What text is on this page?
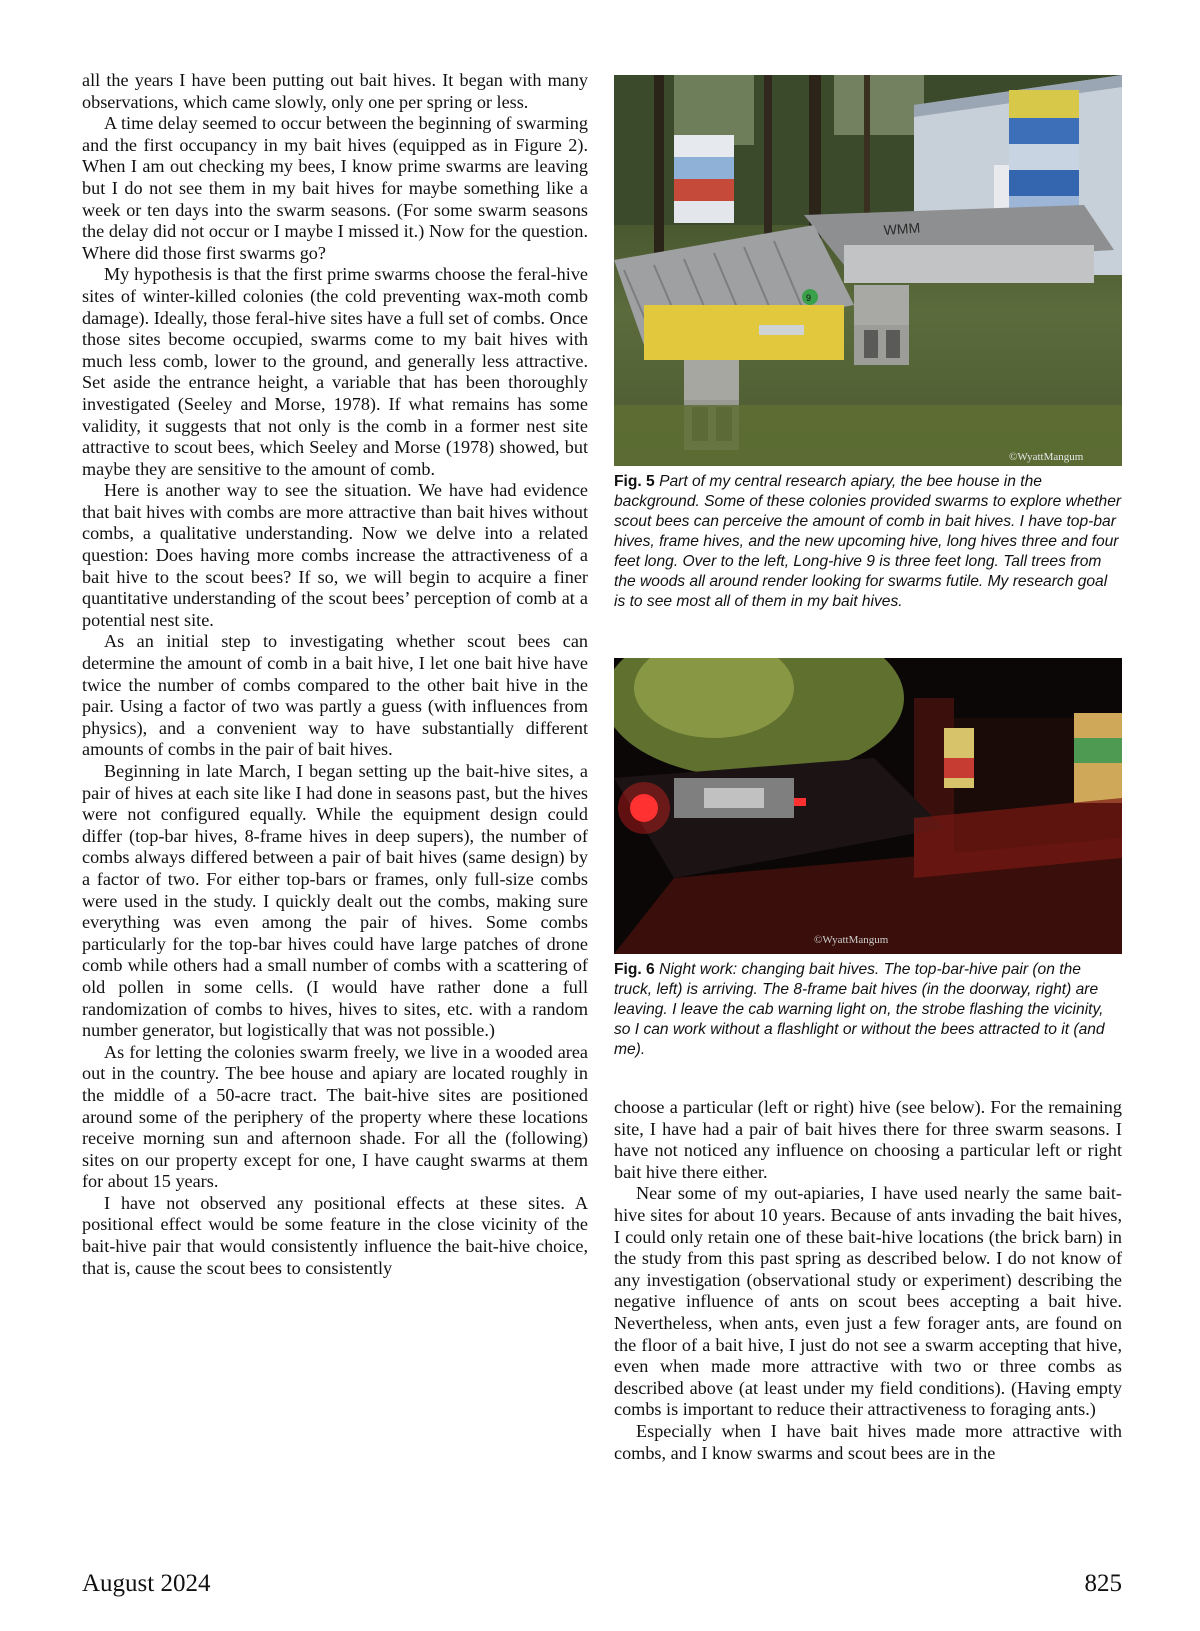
all the years I have been putting out bait hives. It began with many observations, which came slowly, only one per spring or less.

A time delay seemed to occur between the beginning of swarming and the first occupancy in my bait hives (equipped as in Figure 2). When I am out checking my bees, I know prime swarms are leaving but I do not see them in my bait hives for maybe something like a week or ten days into the swarm seasons. (For some swarm seasons the delay did not occur or I maybe I missed it.) Now for the question. Where did those first swarms go?

My hypothesis is that the first prime swarms choose the feral-hive sites of winter-killed colonies (the cold preventing wax-moth comb damage). Ideally, those feral-hive sites have a full set of combs. Once those sites become occupied, swarms come to my bait hives with much less comb, lower to the ground, and generally less attractive. Set aside the entrance height, a variable that has been thoroughly investigated (Seeley and Morse, 1978). If what remains has some validity, it suggests that not only is the comb in a former nest site attractive to scout bees, which Seeley and Morse (1978) showed, but maybe they are sensitive to the amount of comb.

Here is another way to see the situation. We have had evidence that bait hives with combs are more attractive than bait hives without combs, a qualitative understanding. Now we delve into a related question: Does having more combs increase the attractiveness of a bait hive to the scout bees? If so, we will begin to acquire a finer quantitative understanding of the scout bees’ perception of comb at a potential nest site.

As an initial step to investigating whether scout bees can determine the amount of comb in a bait hive, I let one bait hive have twice the number of combs compared to the other bait hive in the pair. Using a factor of two was partly a guess (with influences from physics), and a convenient way to have substantially different amounts of combs in the pair of bait hives.

Beginning in late March, I began setting up the bait-hive sites, a pair of hives at each site like I had done in seasons past, but the hives were not configured equally. While the equipment design could differ (top-bar hives, 8-frame hives in deep supers), the number of combs always differed between a pair of bait hives (same design) by a factor of two. For either top-bars or frames, only full-size combs were used in the study. I quickly dealt out the combs, making sure everything was even among the pair of hives. Some combs particularly for the top-bar hives could have large patches of drone comb while others had a small number of combs with a scattering of old pollen in some cells. (I would have rather done a full randomization of combs to hives, hives to sites, etc. with a random number generator, but logistically that was not possible.)

As for letting the colonies swarm freely, we live in a wooded area out in the country. The bee house and apiary are located roughly in the middle of a 50-acre tract. The bait-hive sites are positioned around some of the periphery of the property where these locations receive morning sun and afternoon shade. For all the (following) sites on our property except for one, I have caught swarms at them for about 15 years.

I have not observed any positional effects at these sites. A positional effect would be some feature in the close vicinity of the bait-hive pair that would consistently influence the bait-hive choice, that is, cause the scout bees to consistently

9
WMM
©WyattMangum
Fig. 5 Part of my central research apiary, the bee house in the background. Some of these colonies provided swarms to explore whether scout bees can perceive the amount of comb in bait hives. I have top-bar hives, frame hives, and the new upcoming hive, long hives three and four feet long. Over to the left, Long-hive 9 is three feet long. Tall trees from the woods all around render looking for swarms futile. My research goal is to see most all of them in my bait hives.
©WyattMangum
Fig. 6 Night work: changing bait hives. The top-bar-hive pair (on the truck, left) is arriving. The 8-frame bait hives (in the doorway, right) are leaving. I leave the cab warning light on, the strobe flashing the vicinity, so I can work without a flashlight or without the bees attracted to it (and me).

choose a particular (left or right) hive (see below). For the remaining site, I have had a pair of bait hives there for three swarm seasons. I have not noticed any influence on choosing a particular left or right bait hive there either.

Near some of my out-apiaries, I have used nearly the same bait-hive sites for about 10 years. Because of ants invading the bait hives, I could only retain one of these bait-hive locations (the brick barn) in the study from this past spring as described below. I do not know of any investigation (observational study or experiment) describing the negative influence of ants on scout bees accepting a bait hive. Nevertheless, when ants, even just a few forager ants, are found on the floor of a bait hive, I just do not see a swarm accepting that hive, even when made more attractive with two or three combs as described above (at least under my field conditions). (Having empty combs is important to reduce their attractiveness to foraging ants.)

Especially when I have bait hives made more attractive with combs, and I know swarms and scout bees are in the

August 2024	825
